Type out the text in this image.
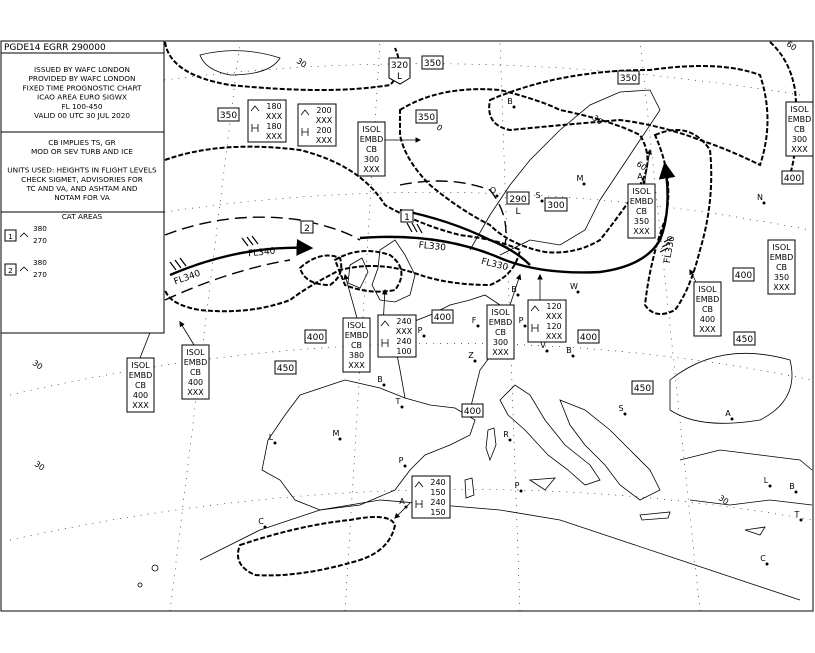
PGDE14 EGRR 290000
ISSUED BY WAFC LONDON
PROVIDED BY WAFC LONDON
FIXED TIME PROGNOSTIC CHART
ICAO AREA EURO SIGWX
FL 100-450
VALID 00 UTC 30 JUL 2020
CB IMPLIES TS, GR
MOD OR SEV TURB AND ICE
UNITS USED: HEIGHTS IN FLIGHT LEVELS
CHECK SIGMET, ADVISORIES FOR
TC AND VA, AND ASHTAM AND
NOTAM FOR VA
CAT AREAS
1
380
270
2
380
270
ISOL
EMBD
CB
300
XXX
ISOL
EMBD
CB
350
XXX
ISOL
EMBD
CB
300
XXX
ISOL
EMBD
CB
350
XXX
ISOL
EMBD
CB
400
XXX
ISOL
EMBD
CB
380
XXX
ISOL
EMBD
CB
300
XXX
ISOL
EMBD
CB
400
XXX
ISOL
EMBD
CB
400
XXX
180
XXX
180
XXX
200
XXX
200
XXX
240
XXX
240
100
120
XXX
120
XXX
240
150
240
150
350
350
350
350
400
400
400
450
400	450
450
400
400
FL340
FL340	FL330
FL330
FL330
1
2
30
30
30
30
30
60
60
0
B
O
S
M
P
F
Z
P
W
B
V
B
B
T
M
L
P
R
P
S
A
A
C
L
B
T
C
A
N
320
L
290
L
300
